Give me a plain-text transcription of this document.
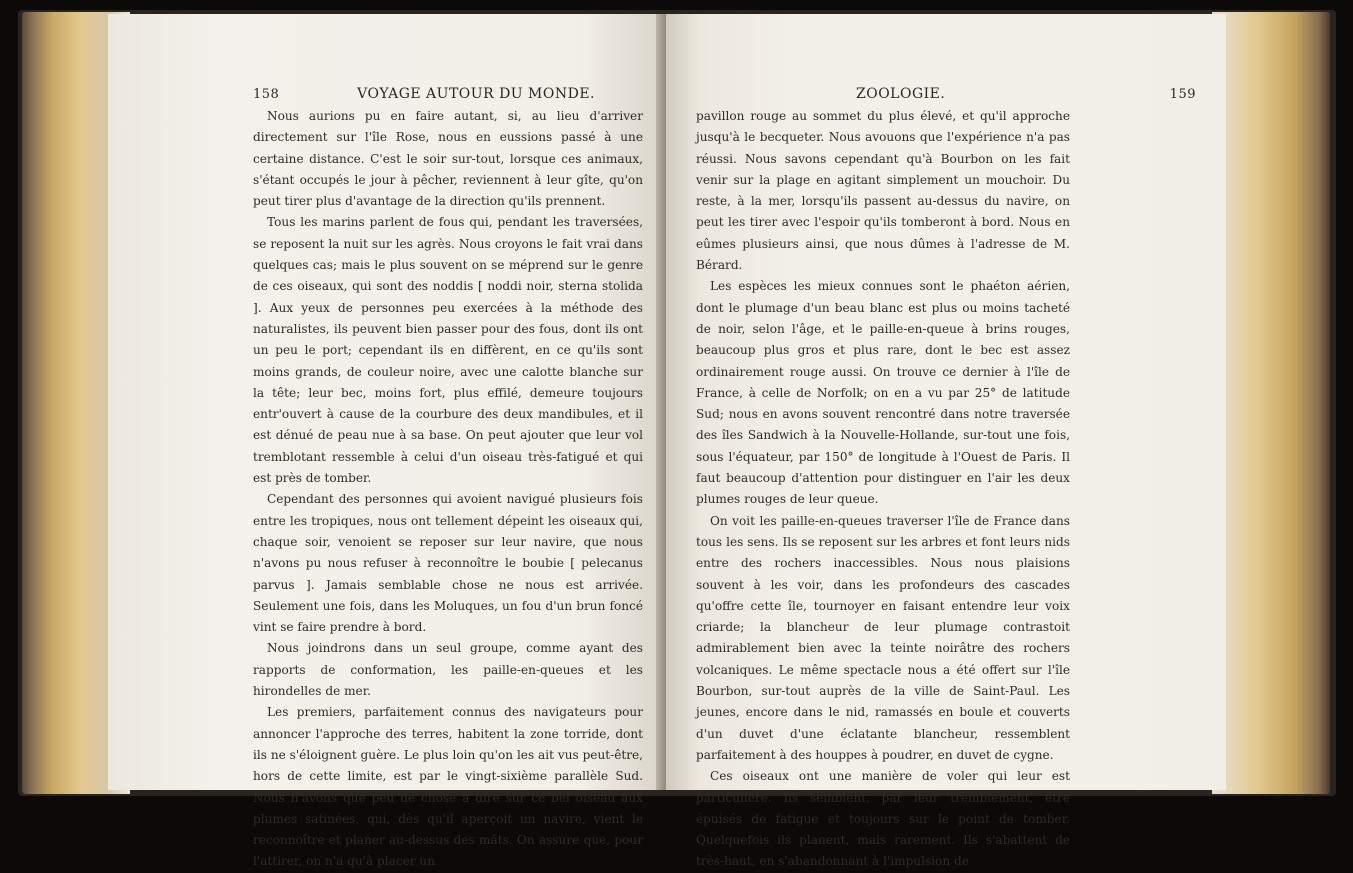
158	VOYAGE AUTOUR DU MONDE.

Nous aurions pu en faire autant, si, au lieu d'arriver directement sur l'île Rose, nous en eussions passé à une certaine distance. C'est le soir sur-tout, lorsque ces animaux, s'étant occupés le jour à pêcher, reviennent à leur gîte, qu'on peut tirer plus d'avantage de la direction qu'ils prennent.

Tous les marins parlent de fous qui, pendant les traversées, se reposent la nuit sur les agrès. Nous croyons le fait vrai dans quelques cas; mais le plus souvent on se méprend sur le genre de ces oiseaux, qui sont des noddis [ noddi noir, sterna stolida ]. Aux yeux de personnes peu exercées à la méthode des naturalistes, ils peuvent bien passer pour des fous, dont ils ont un peu le port; cependant ils en diffèrent, en ce qu'ils sont moins grands, de couleur noire, avec une calotte blanche sur la tête; leur bec, moins fort, plus effilé, demeure toujours entr'ouvert à cause de la courbure des deux mandibules, et il est dénué de peau nue à sa base. On peut ajouter que leur vol tremblotant ressemble à celui d'un oiseau très-fatigué et qui est près de tomber.

Cependant des personnes qui avoient navigué plusieurs fois entre les tropiques, nous ont tellement dépeint les oiseaux qui, chaque soir, venoient se reposer sur leur navire, que nous n'avons pu nous refuser à reconnoître le boubie [ pelecanus parvus ]. Jamais semblable chose ne nous est arrivée. Seulement une fois, dans les Moluques, un fou d'un brun foncé vint se faire prendre à bord.

Nous joindrons dans un seul groupe, comme ayant des rapports de conformation, les paille-en-queues et les hirondelles de mer.

Les premiers, parfaitement connus des navigateurs pour annoncer l'approche des terres, habitent la zone torride, dont ils ne s'éloignent guère. Le plus loin qu'on les ait vus peut-être, hors de cette limite, est par le vingt-sixième parallèle Sud. Nous n'avons que peu de chose à dire sur ce bel oiseau aux plumes satinées, qui, dès qu'il aperçoit un navire, vient le reconnoître et planer au-dessus des mâts. On assure que, pour l'attirer, on n'a qu'à placer un

ZOOLOGIE.	159

pavillon rouge au sommet du plus élevé, et qu'il approche jusqu'à le becqueter. Nous avouons que l'expérience n'a pas réussi. Nous savons cependant qu'à Bourbon on les fait venir sur la plage en agitant simplement un mouchoir. Du reste, à la mer, lorsqu'ils passent au-dessus du navire, on peut les tirer avec l'espoir qu'ils tomberont à bord. Nous en eûmes plusieurs ainsi, que nous dûmes à l'adresse de M. Bérard.

Les espèces les mieux connues sont le phaéton aérien, dont le plumage d'un beau blanc est plus ou moins tacheté de noir, selon l'âge, et le paille-en-queue à brins rouges, beaucoup plus gros et plus rare, dont le bec est assez ordinairement rouge aussi. On trouve ce dernier à l'île de France, à celle de Norfolk; on en a vu par 25° de latitude Sud; nous en avons souvent rencontré dans notre traversée des îles Sandwich à la Nouvelle-Hollande, sur-tout une fois, sous l'équateur, par 150° de longitude à l'Ouest de Paris. Il faut beaucoup d'attention pour distinguer en l'air les deux plumes rouges de leur queue.

On voit les paille-en-queues traverser l'île de France dans tous les sens. Ils se reposent sur les arbres et font leurs nids entre des rochers inaccessibles. Nous nous plaisions souvent à les voir, dans les profondeurs des cascades qu'offre cette île, tournoyer en faisant entendre leur voix criarde; la blancheur de leur plumage contrastoit admirablement bien avec la teinte noirâtre des rochers volcaniques. Le même spectacle nous a été offert sur l'île Bourbon, sur-tout auprès de la ville de Saint-Paul. Les jeunes, encore dans le nid, ramassés en boule et couverts d'un duvet d'une éclatante blancheur, ressemblent parfaitement à des houppes à poudrer, en duvet de cygne.

Ces oiseaux ont une manière de voler qui leur est particulière. Ils semblent, par leur tremblement, être épuisés de fatigue et toujours sur le point de tomber. Quelquefois ils planent, mais rarement. Ils s'abattent de très-haut, en s'abandonnant à l'impulsion de
